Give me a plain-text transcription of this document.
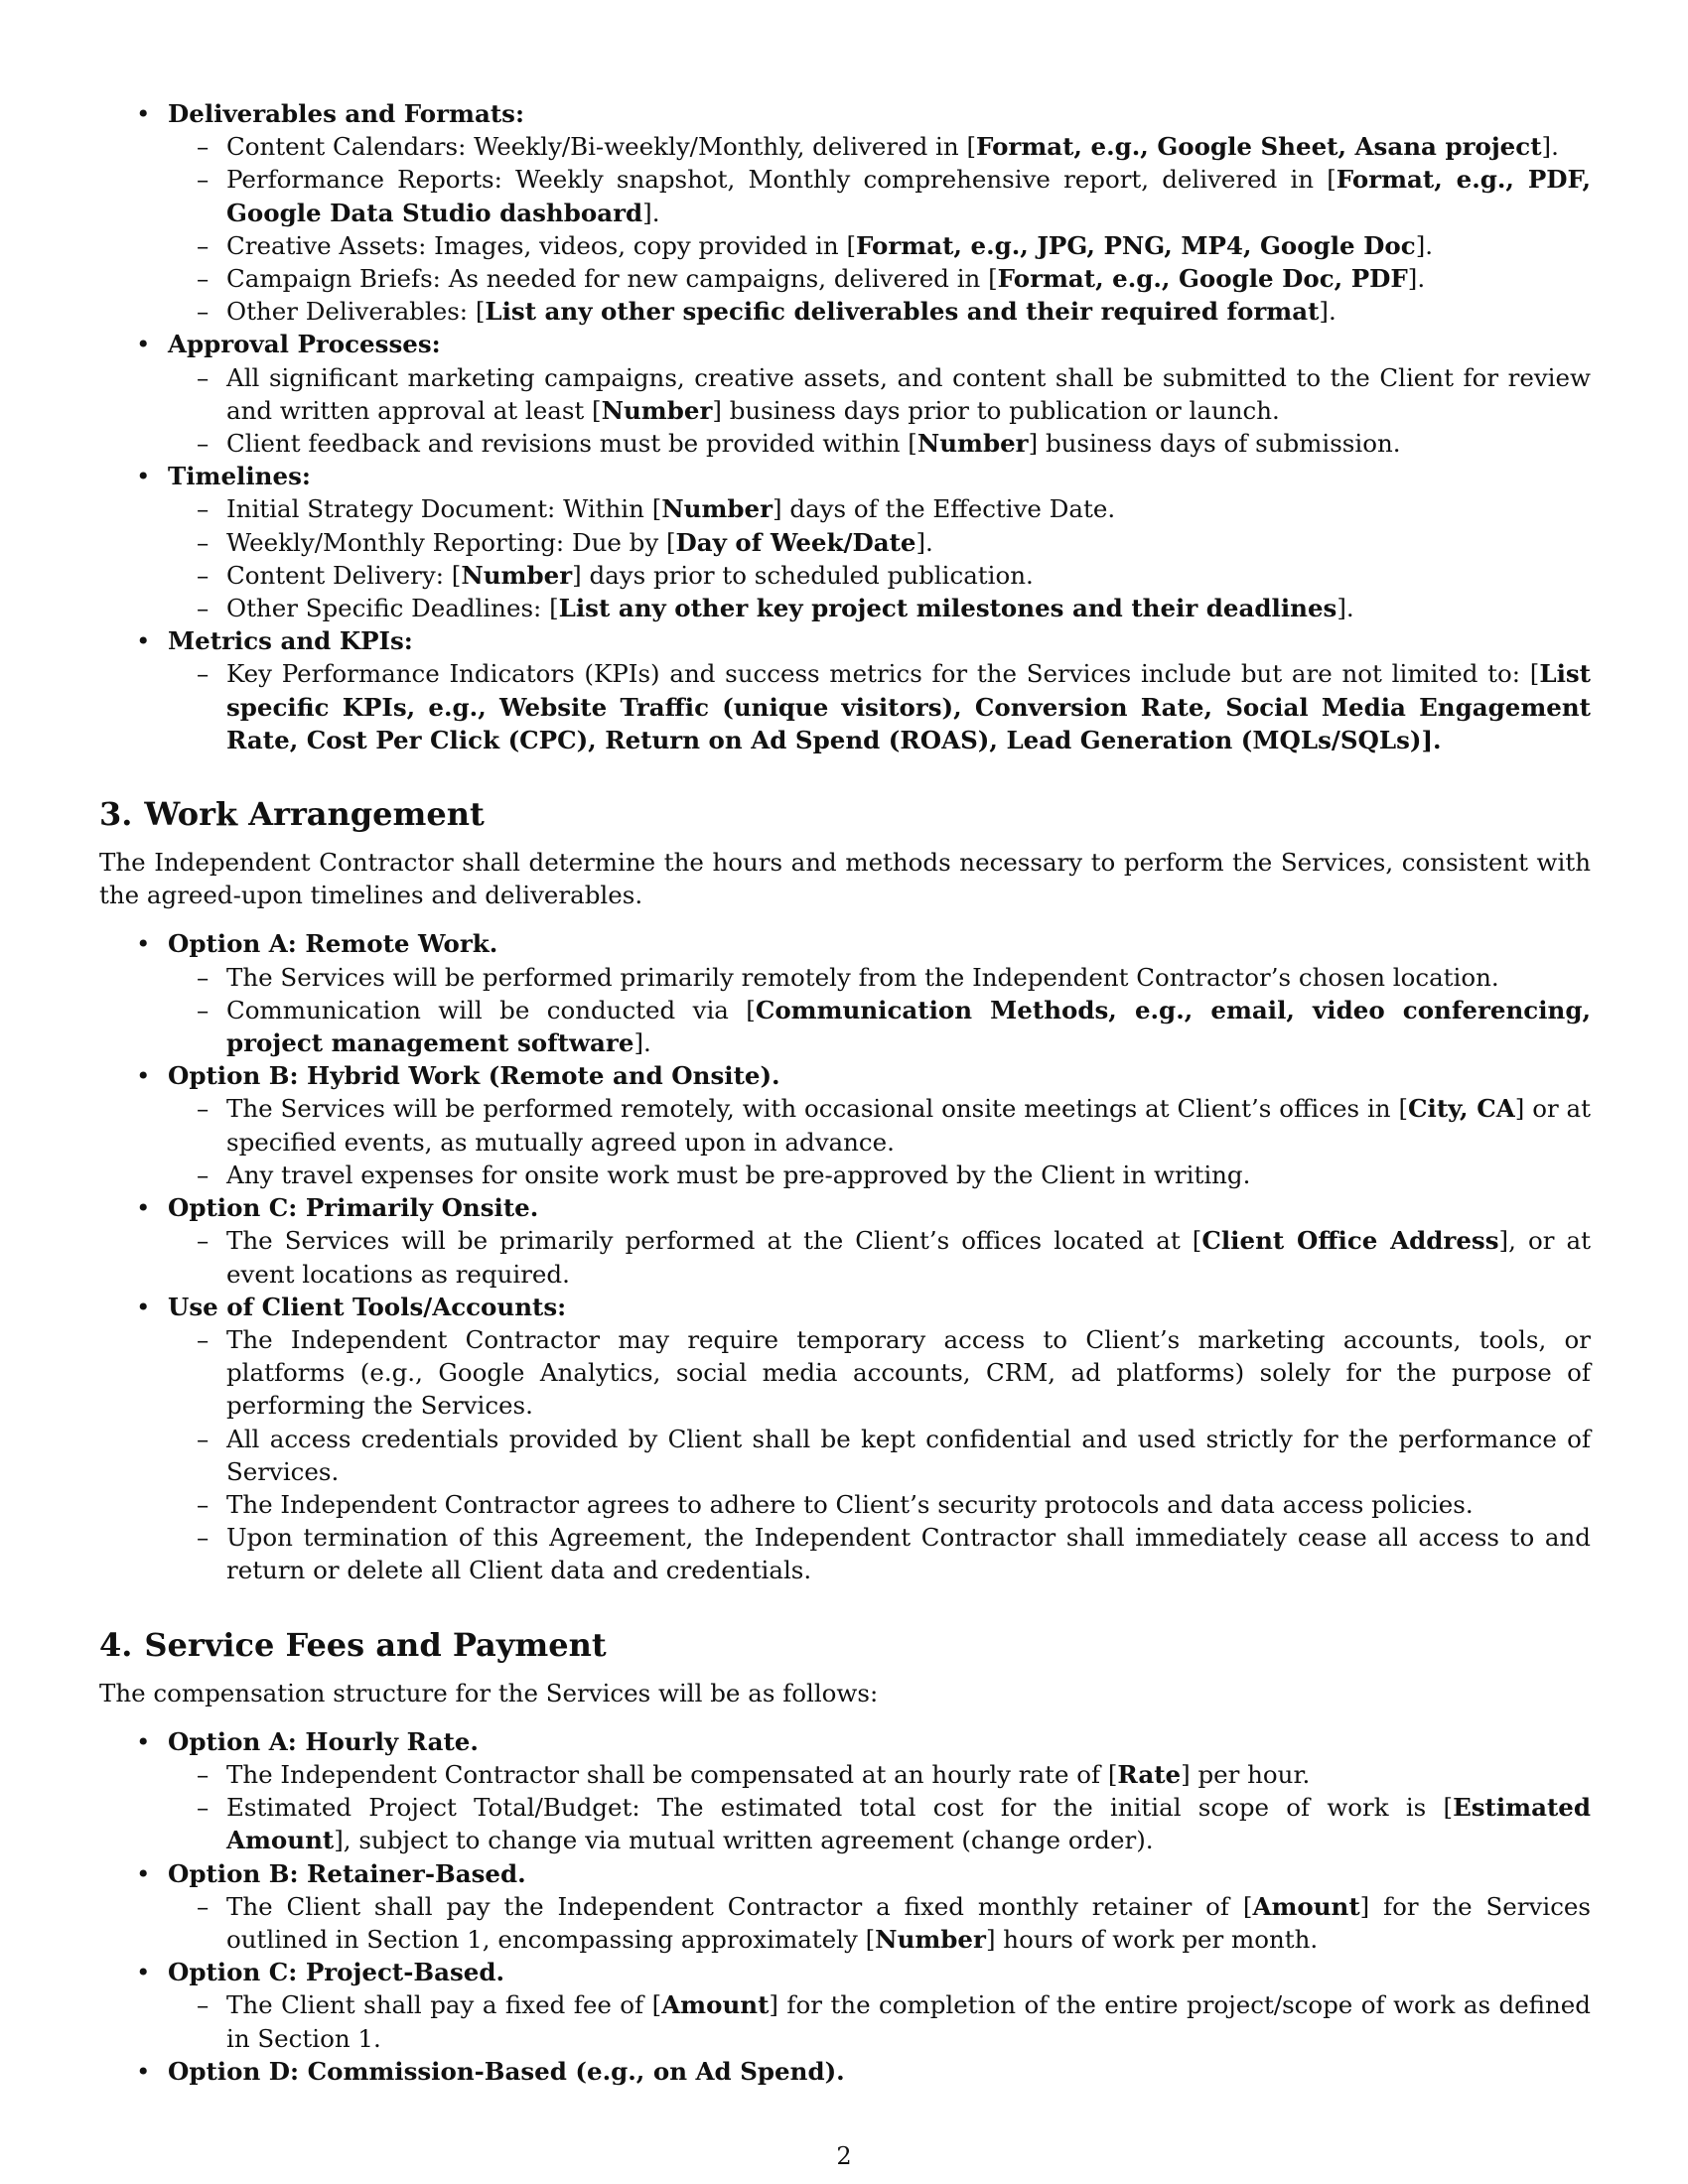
• Deliverables and Formats:
– Content Calendars: Weekly/Bi-weekly/Monthly, delivered in [Format, e.g., Google Sheet, Asana project].
– Performance Reports: Weekly snapshot, Monthly comprehensive report, delivered in [Format, e.g., PDF, Google Data Studio dashboard].
– Creative Assets: Images, videos, copy provided in [Format, e.g., JPG, PNG, MP4, Google Doc].
– Campaign Briefs: As needed for new campaigns, delivered in [Format, e.g., Google Doc, PDF].
– Other Deliverables: [List any other specific deliverables and their required format].
• Approval Processes:
– All significant marketing campaigns, creative assets, and content shall be submitted to the Client for review and written approval at least [Number] business days prior to publication or launch.
– Client feedback and revisions must be provided within [Number] business days of submission.
• Timelines:
– Initial Strategy Document: Within [Number] days of the Effective Date.
– Weekly/Monthly Reporting: Due by [Day of Week/Date].
– Content Delivery: [Number] days prior to scheduled publication.
– Other Specific Deadlines: [List any other key project milestones and their deadlines].
• Metrics and KPIs:
– Key Performance Indicators (KPIs) and success metrics for the Services include but are not limited to: [List specific KPIs, e.g., Website Traffic (unique visitors), Conversion Rate, Social Media Engagement Rate, Cost Per Click (CPC), Return on Ad Spend (ROAS), Lead Generation (MQLs/SQLs)].
3. Work Arrangement

The Independent Contractor shall determine the hours and methods necessary to perform the Services, consistent with the agreed-upon timelines and deliverables.

• Option A: Remote Work.
– The Services will be performed primarily remotely from the Independent Contractor’s chosen location.
– Communication will be conducted via [Communication Methods, e.g., email, video conferencing, project management software].
• Option B: Hybrid Work (Remote and Onsite).
– The Services will be performed remotely, with occasional onsite meetings at Client’s offices in [City, CA] or at specified events, as mutually agreed upon in advance.
– Any travel expenses for onsite work must be pre-approved by the Client in writing.
• Option C: Primarily Onsite.
– The Services will be primarily performed at the Client’s offices located at [Client Office Address], or at event locations as required.
• Use of Client Tools/Accounts:
– The Independent Contractor may require temporary access to Client’s marketing accounts, tools, or platforms (e.g., Google Analytics, social media accounts, CRM, ad platforms) solely for the purpose of performing the Services.
– All access credentials provided by Client shall be kept confidential and used strictly for the performance of Services.
– The Independent Contractor agrees to adhere to Client’s security protocols and data access policies.
– Upon termination of this Agreement, the Independent Contractor shall immediately cease all access to and return or delete all Client data and credentials.
4. Service Fees and Payment

The compensation structure for the Services will be as follows:

• Option A: Hourly Rate.
– The Independent Contractor shall be compensated at an hourly rate of [Rate] per hour.
– Estimated Project Total/Budget: The estimated total cost for the initial scope of work is [Estimated Amount], subject to change via mutual written agreement (change order).
• Option B: Retainer-Based.
– The Client shall pay the Independent Contractor a fixed monthly retainer of [Amount] for the Services outlined in Section 1, encompassing approximately [Number] hours of work per month.
• Option C: Project-Based.
– The Client shall pay a fixed fee of [Amount] for the completion of the entire project/scope of work as defined in Section 1.
• Option D: Commission-Based (e.g., on Ad Spend).
2
